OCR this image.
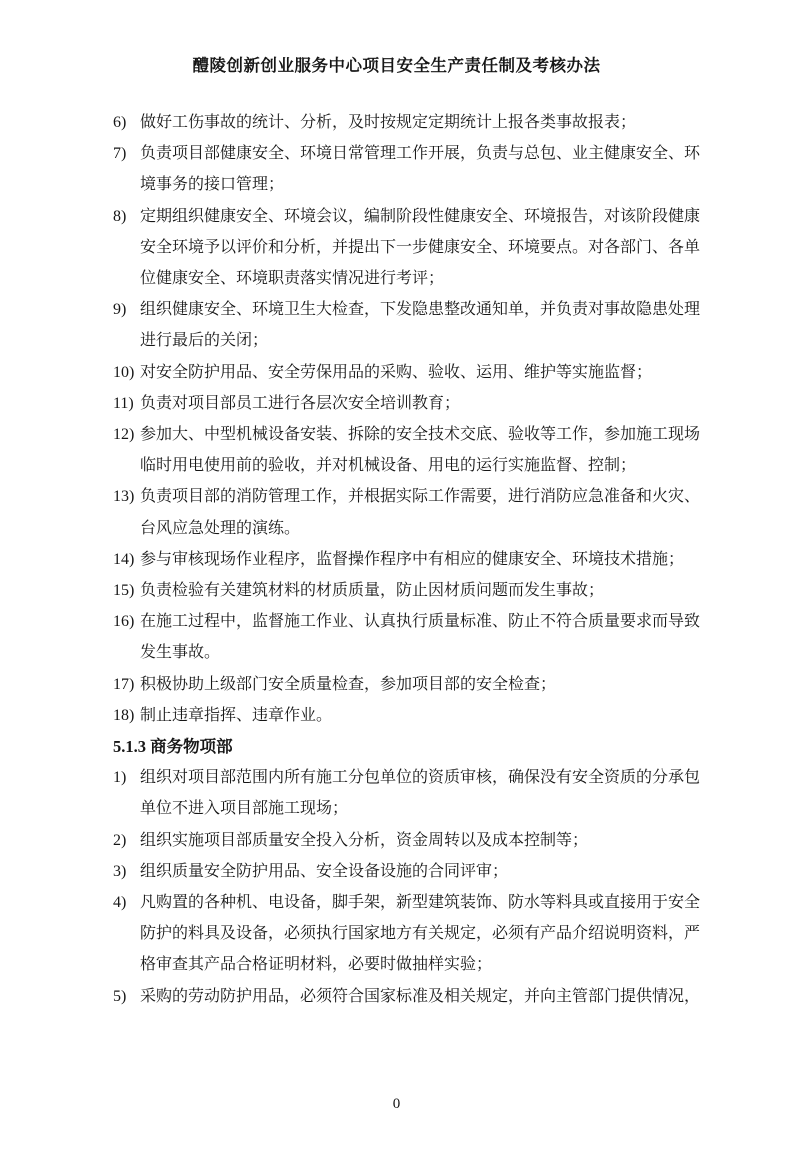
醴陵创新创业服务中心项目安全生产责任制及考核办法
6) 做好工伤事故的统计、分析，及时按规定定期统计上报各类事故报表；
7) 负责项目部健康安全、环境日常管理工作开展，负责与总包、业主健康安全、环境事务的接口管理；
8) 定期组织健康安全、环境会议，编制阶段性健康安全、环境报告，对该阶段健康安全环境予以评价和分析，并提出下一步健康安全、环境要点。对各部门、各单位健康安全、环境职责落实情况进行考评；
9) 组织健康安全、环境卫生大检查，下发隐患整改通知单，并负责对事故隐患处理进行最后的关闭；
10) 对安全防护用品、安全劳保用品的采购、验收、运用、维护等实施监督；
11) 负责对项目部员工进行各层次安全培训教育；
12) 参加大、中型机械设备安装、拆除的安全技术交底、验收等工作，参加施工现场临时用电使用前的验收，并对机械设备、用电的运行实施监督、控制；
13) 负责项目部的消防管理工作，并根据实际工作需要，进行消防应急准备和火灾、台风应急处理的演练。
14) 参与审核现场作业程序，监督操作程序中有相应的健康安全、环境技术措施；
15) 负责检验有关建筑材料的材质质量，防止因材质问题而发生事故；
16) 在施工过程中，监督施工作业、认真执行质量标准、防止不符合质量要求而导致发生事故。
17) 积极协助上级部门安全质量检查，参加项目部的安全检查；
18) 制止违章指挥、违章作业。
5.1.3 商务物项部
1) 组织对项目部范围内所有施工分包单位的资质审核，确保没有安全资质的分承包单位不进入项目部施工现场；
2) 组织实施项目部质量安全投入分析，资金周转以及成本控制等；
3) 组织质量安全防护用品、安全设备设施的合同评审；
4) 凡购置的各种机、电设备，脚手架，新型建筑装饰、防水等料具或直接用于安全防护的料具及设备，必须执行国家地方有关规定，必须有产品介绍说明资料，严格审查其产品合格证明材料，必要时做抽样实验；
5) 采购的劳动防护用品，必须符合国家标准及相关规定，并向主管部门提供情况，
0
